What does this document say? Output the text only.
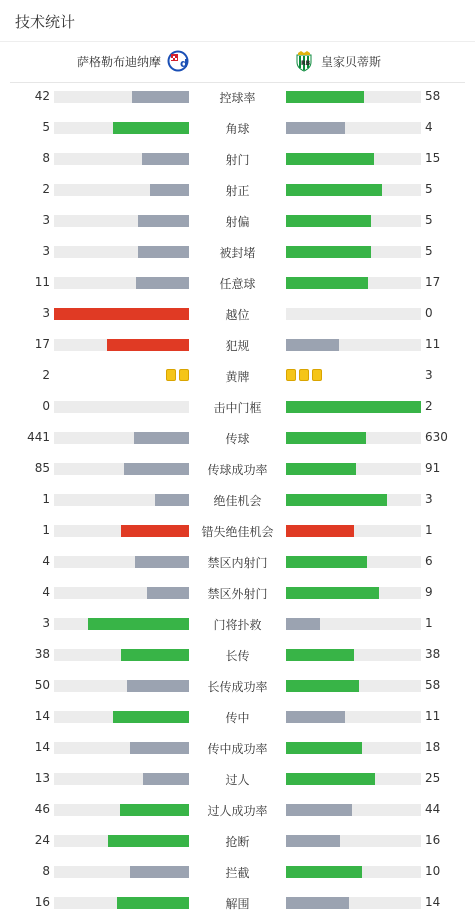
技术统计
萨格勒布迪纳摩 d	RB 皇家贝蒂斯
42	控球率	58
5	角球	4
8	射门	15
2	射正	5
3	射偏	5
3	被封堵	5
11	任意球	17
3	越位	0
17	犯规	11
2	黄牌	3
0	击中门框	2
441	传球	630
85	传球成功率	91
1	绝佳机会	3
1	错失绝佳机会	1
4	禁区内射门	6
4	禁区外射门	9
3	门将扑救	1
38	长传	38
50	长传成功率	58
14	传中	11
14	传中成功率	18
13	过人	25
46	过人成功率	44
24	抢断	16
8	拦截	10
16	解围	14
